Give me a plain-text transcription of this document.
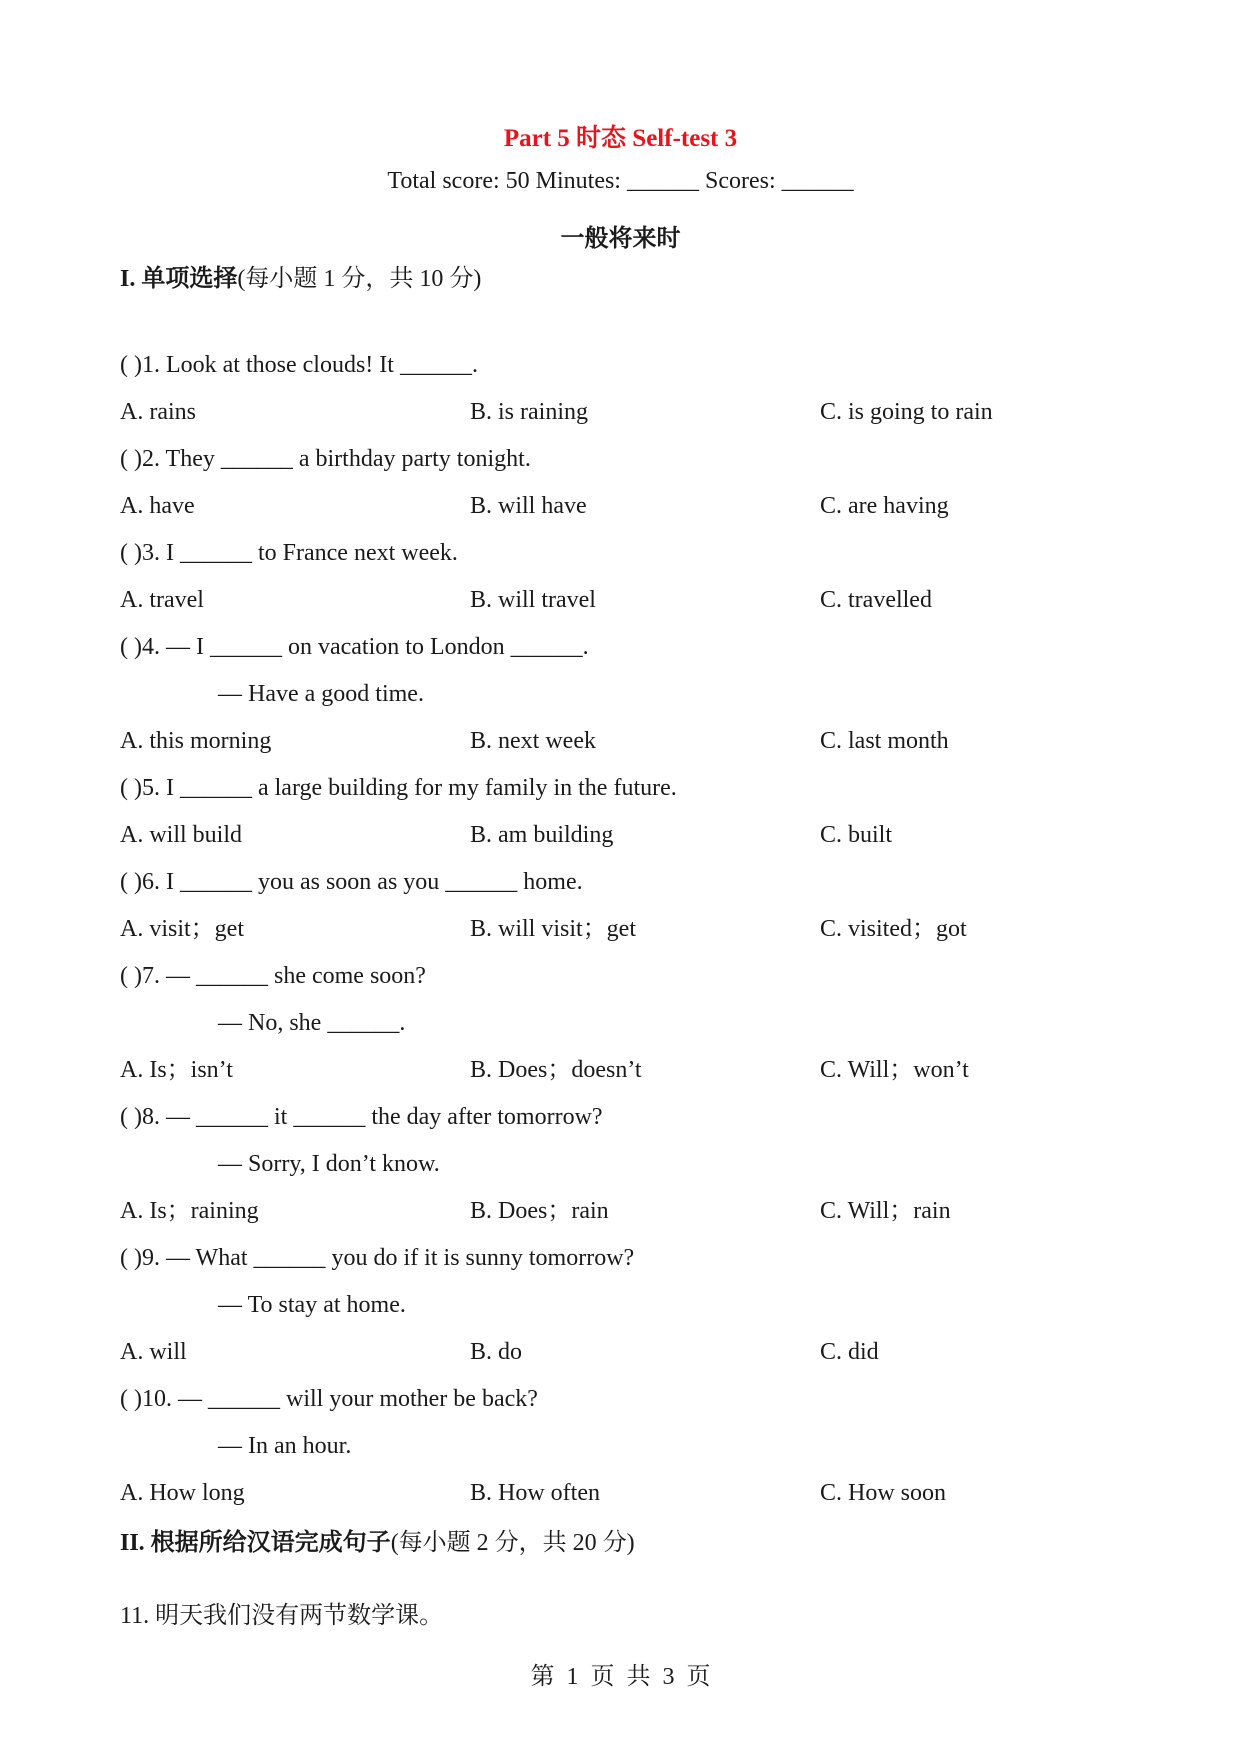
Part 5 时态 Self-test 3
Total score: 50 Minutes: ______ Scores: ______
一般将来时
I. 单项选择(每小题 1 分，共 10 分)
( )1. Look at those clouds! It ______.
A. rains	B. is raining	C. is going to rain
( )2. They ______ a birthday party tonight.
A. have	B. will have	C. are having
( )3. I ______ to France next week.
A. travel	B. will travel	C. travelled
( )4. — I ______ on vacation to London ______.
— Have a good time.
A. this morning	B. next week	C. last month
( )5. I ______ a large building for my family in the future.
A. will build	B. am building	C. built
( )6. I ______ you as soon as you ______ home.
A. visit；get	B. will visit；get	C. visited；got
( )7. — ______ she come soon?
— No, she ______.
A. Is；isn’t	B. Does；doesn’t	C. Will；won’t
( )8. — ______ it ______ the day after tomorrow?
— Sorry, I don’t know.
A. Is；raining	B. Does；rain	C. Will；rain
( )9. — What ______ you do if it is sunny tomorrow?
— To stay at home.
A. will	B. do	C. did
( )10. — ______ will your mother be back?
— In an hour.
A. How long	B. How often	C. How soon
II. 根据所给汉语完成句子(每小题 2 分，共 20 分)
11. 明天我们没有两节数学课。
第 1 页 共 3 页
